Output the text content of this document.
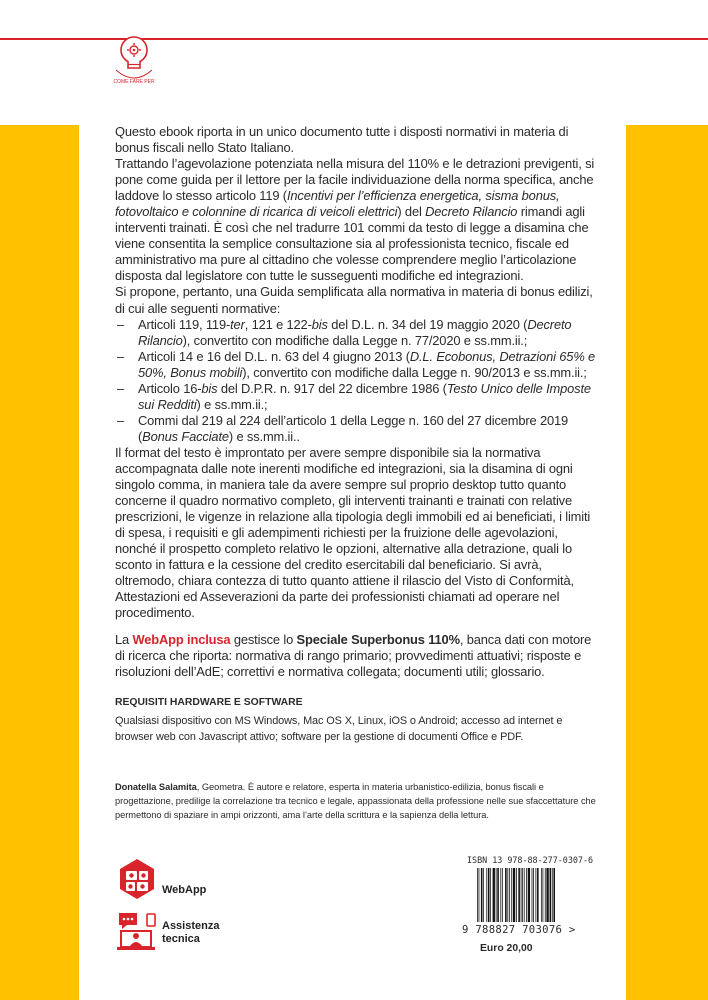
COME FARE PER

Questo ebook riporta in un unico documento tutte i disposti normativi in materia di bonus fiscali nello Stato Italiano.

Trattando l’agevolazione potenziata nella misura del 110% e le detrazioni previgenti, si pone come guida per il lettore per la facile individuazione della norma specifica, anche laddove lo stesso articolo 119 (Incentivi per l’efficienza energetica, sisma bonus, fotovoltaico e colonnine di ricarica di veicoli elettrici) del Decreto Rilancio rimandi agli interventi trainati. È così che nel tradurre 101 commi da testo di legge a disamina che viene consentita la semplice consultazione sia al professionista tecnico, fiscale ed amministrativo ma pure al cittadino che volesse comprendere meglio l’articolazione disposta dal legislatore con tutte le susseguenti modifiche ed integrazioni.

Si propone, pertanto, una Guida semplificata alla normativa in materia di bonus edilizi, di cui alle seguenti normative:

– Articoli 119, 119-ter, 121 e 122-bis del D.L. n. 34 del 19 maggio 2020 (Decreto Rilancio), convertito con modifiche dalla Legge n. 77/2020 e ss.mm.ii.;
– Articoli 14 e 16 del D.L. n. 63 del 4 giugno 2013 (D.L. Ecobonus, Detrazioni 65% e 50%, Bonus mobili), convertito con modifiche dalla Legge n. 90/2013 e ss.mm.ii.;
– Articolo 16-bis del D.P.R. n. 917 del 22 dicembre 1986 (Testo Unico delle Imposte sui Redditi) e ss.mm.ii.;
– Commi dal 219 al 224 dell’articolo 1 della Legge n. 160 del 27 dicembre 2019 (Bonus Facciate) e ss.mm.ii..

Il format del testo è improntato per avere sempre disponibile sia la normativa accompagnata dalle note inerenti modifiche ed integrazioni, sia la disamina di ogni singolo comma, in maniera tale da avere sempre sul proprio desktop tutto quanto concerne il quadro normativo completo, gli interventi trainanti e trainati con relative prescrizioni, le vigenze in relazione alla tipologia degli immobili ed ai beneficiati, i limiti di spesa, i requisiti e gli adempimenti richiesti per la fruizione delle agevolazioni, nonché il prospetto completo relativo le opzioni, alternative alla detrazione, quali lo sconto in fattura e la cessione del credito esercitabili dal beneficiario. Si avrà, oltremodo, chiara contezza di tutto quanto attiene il rilascio del Visto di Conformità, Attestazioni ed Asseverazioni da parte dei professionisti chiamati ad operare nel procedimento.

La WebApp inclusa gestisce lo Speciale Superbonus 110%, banca dati con motore di ricerca che riporta: normativa di rango primario; provvedimenti attuativi; risposte e risoluzioni dell’AdE; correttivi e normativa collegata; documenti utili; glossario.

REQUISITI HARDWARE E SOFTWARE

Qualsiasi dispositivo con MS Windows, Mac OS X, Linux, iOS o Android; accesso ad internet e browser web con Javascript attivo; software per la gestione di documenti Office e PDF.

Donatella Salamita, Geometra. È autore e relatore, esperta in materia urbanistico-edilizia, bonus fiscali e progettazione, predilige la correlazione tra tecnico e legale, appassionata della professione nelle sue sfaccettature che permettono di spaziare in ampi orizzonti, ama l’arte della scrittura e la sapienza della lettura.

WebApp
Assistenza tecnica
ISBN 13 978-88-277-0307-6
9 788827 703076 >
Euro 20,00
